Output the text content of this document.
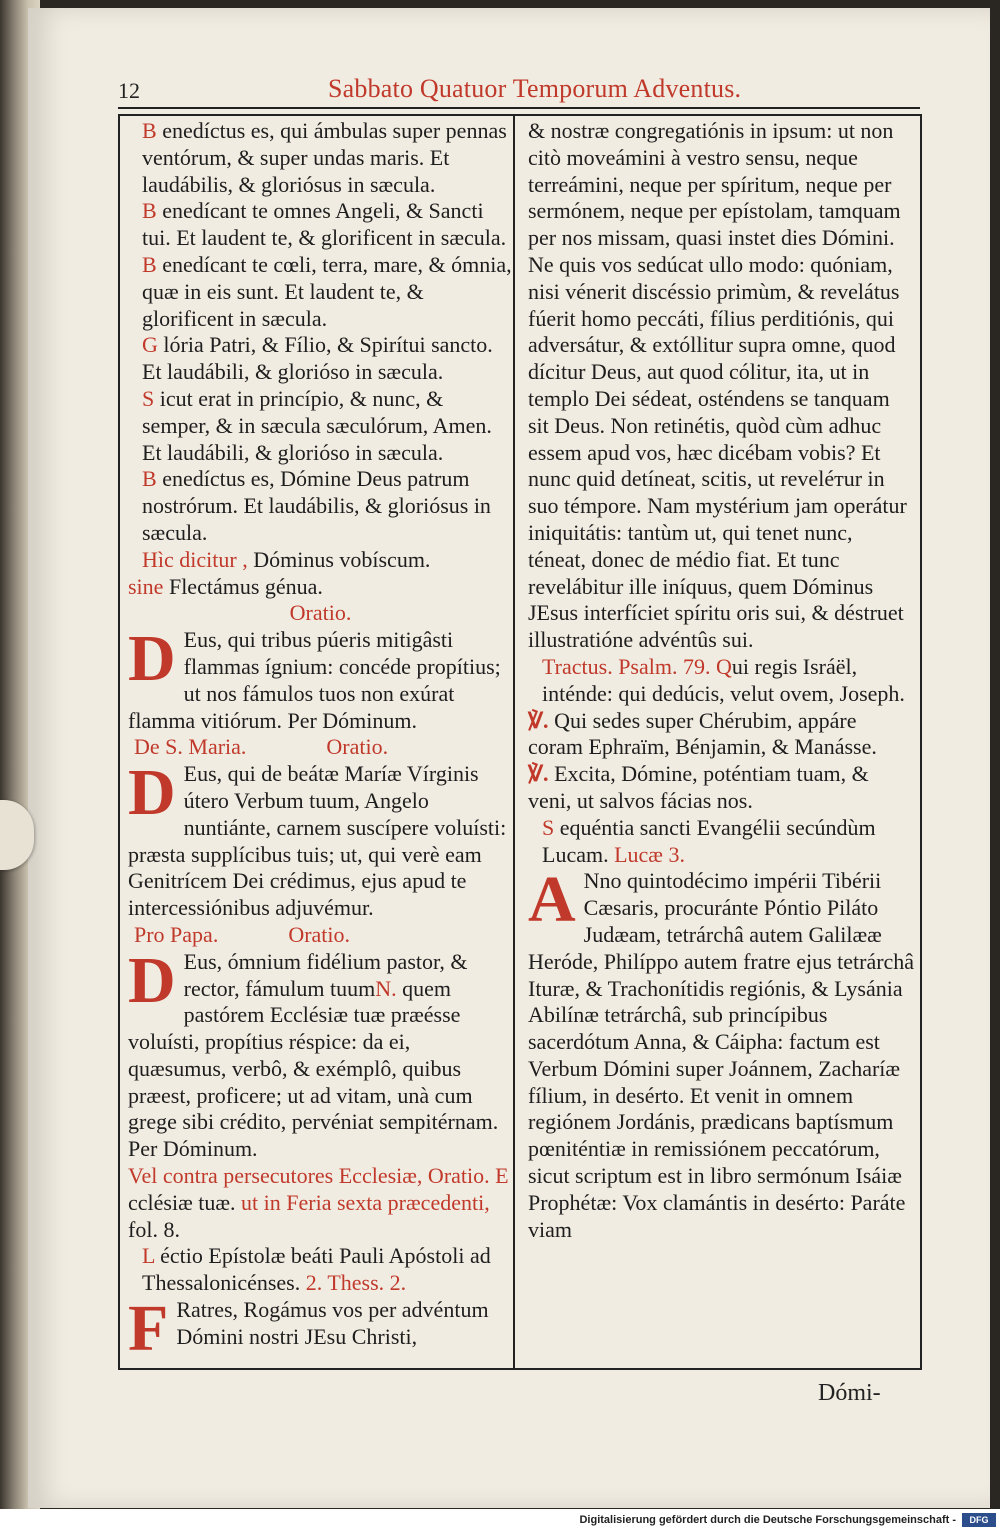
12	Sabbato Quatuor Temporum Adventus.

B enedíctus es, qui ámbulas super pennas ventórum, & super undas maris. Et laudábilis, & gloriósus in sæcula.

B enedícant te omnes Angeli, & Sancti tui. Et laudent te, & glorificent in sæcula.

B enedícant te cœli, terra, mare, & ómnia, quæ in eis sunt. Et laudent te, & glorificent in sæcula.

G lória Patri, & Fílio, & Spirítui sancto. Et laudábili, & glorióso in sæcula.

S icut erat in princípio, & nunc, & semper, & in sæcula sæculórum, Amen. Et laudábili, & glorióso in sæcula.

B enedíctus es, Dómine Deus patrum nostrórum. Et laudábilis, & gloriósus in sæcula.

Hìc dicitur , Dóminus vobíscum.

sine Flectámus génua.

Oratio.

D Eus, qui tribus púeris mitigâsti flammas ígnium: concéde propítius; ut nos fámulos tuos non exúrat flamma vitiórum. Per Dóminum.

De S. Maria.	Oratio.

D Eus, qui de beátæ Maríæ Vírginis útero Verbum tuum, Angelo nuntiánte, carnem suscípere voluísti: præsta supplícibus tuis; ut, qui verè eam Genitrícem Dei crédimus, ejus apud te intercessiónibus adjuvémur.

Pro Papa.	Oratio.

D Eus, ómnium fidélium pastor, & rector, fámulum tuumN. quem pastórem Ecclésiæ tuæ præésse voluísti, propítius réspice: da ei, quæsumus, verbô, & exémplô, quibus præest, proficere; ut ad vitam, unà cum grege sibi crédito, pervéniat sempitérnam. Per Dóminum.

Vel contra persecutores Ecclesiæ, Oratio. E cclésiæ tuæ. ut in Feria sexta præcedenti, fol. 8.

L éctio Epístolæ beáti Pauli Apóstoli ad Thessalonicénses. 2. Thess. 2.

F Ratres, Rogámus vos per advéntum Dómini nostri JEsu Christi,

& nostræ congregatiónis in ipsum: ut non citò moveámini à vestro sensu, neque terreámini, neque per spíritum, neque per sermónem, neque per epístolam, tamquam per nos missam, quasi instet dies Dómini. Ne quis vos sedúcat ullo modo: quóniam, nisi vénerit discéssio primùm, & revelátus fúerit homo peccáti, fílius perditiónis, qui adversátur, & extóllitur supra omne, quod dícitur Deus, aut quod cólitur, ita, ut in templo Dei sédeat, osténdens se tanquam sit Deus. Non retinétis, quòd cùm adhuc essem apud vos, hæc dicébam vobis? Et nunc quid detíneat, scitis, ut reveléтur in suo témpore. Nam mystérium jam operátur iniquitátis: tantùm ut, qui tenet nunc, téneat, donec de médio fiat. Et tunc revelábitur ille iníquus, quem Dóminus JEsus interfíciet spíritu oris sui, & déstruet illustratióne advéntûs sui.

Tractus. Psalm. 79. Qui regis Isráël, inténde: qui dedúcis, velut ovem, Joseph.

℣. Qui sedes super Chérubim, appáre coram Ephraïm, Bénjamin, & Manásse.

℣. Excita, Dómine, poténtiam tuam, & veni, ut salvos fácias nos.

S equéntia sancti Evangélii secúndùm Lucam. Lucæ 3.

A Nno quintodécimo impérii Tibérii Cæsaris, procuránte Póntio Piláto Judæam, tetrárchâ autem Galilææ Heróde, Philíppo autem fratre ejus tetrárchâ Ituræ, & Trachonítidis regiónis, & Lysánia Abilínæ tetrárchâ, sub princípibus sacerdótum Anna, & Cáipha: factum est Verbum Dómini super Joánnem, Zacharíæ fílium, in desérto. Et venit in omnem regiónem Jordánis, prædicans baptísmum pœniténtiæ in remissiónem peccatórum, sicut scriptum est in libro sermónum Isáiæ Prophétæ: Vox clamántis in desérto: Paráte viam

Dómi-
Digitalisierung gefördert durch die Deutsche Forschungsgemeinschaft -	DFG
